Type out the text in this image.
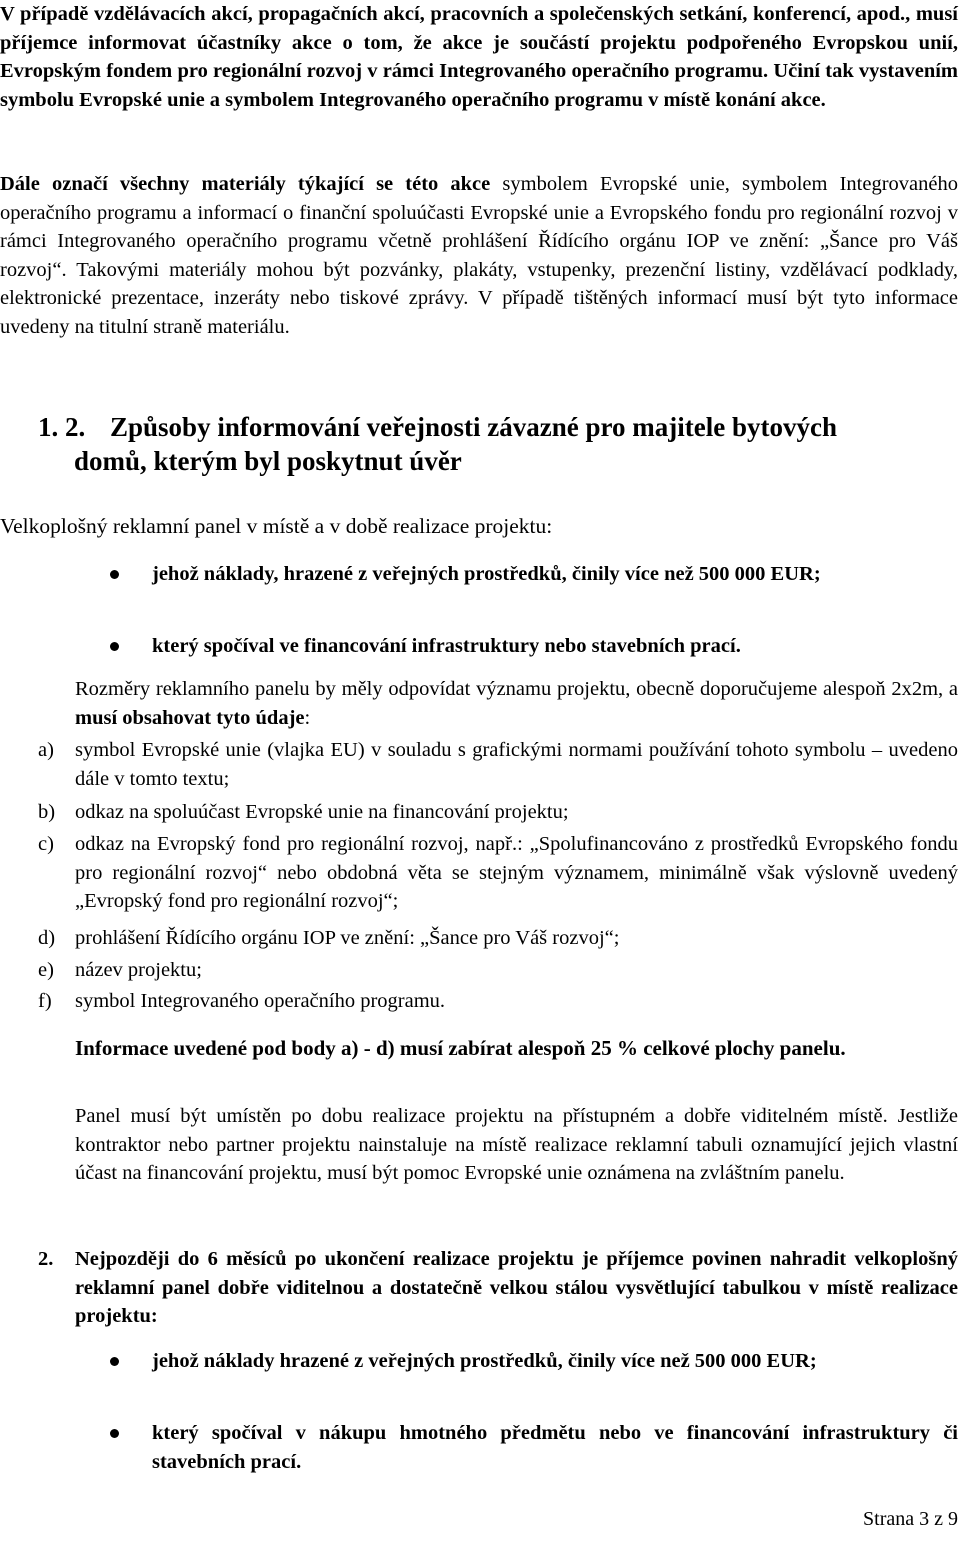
V případě vzdělávacích akcí, propagačních akcí, pracovních a společenských setkání, konferencí, apod., musí příjemce informovat účastníky akce o tom, že akce je součástí projektu podpořeného Evropskou unií, Evropským fondem pro regionální rozvoj v rámci Integrovaného operačního programu. Učiní tak vystavením symbolu Evropské unie a symbolem Integrovaného operačního programu v místě konání akce.

Dále označí všechny materiály týkající se této akce symbolem Evropské unie, symbolem Integrovaného operačního programu a informací o finanční spoluúčasti Evropské unie a Evropského fondu pro regionální rozvoj v rámci Integrovaného operačního programu včetně prohlášení Řídícího orgánu IOP ve znění: „Šance pro Váš rozvoj“. Takovými materiály mohou být pozvánky, plakáty, vstupenky, prezenční listiny, vzdělávací podklady, elektronické prezentace, inzeráty nebo tiskové zprávy. V případě tištěných informací musí být tyto informace uvedeny na titulní straně materiálu.

1. 2. Způsoby informování veřejnosti závazné pro majitele bytových
domů, kterým byl poskytnut úvěr

Velkoplošný reklamní panel v místě a v době realizace projektu:

jehož náklady, hrazené z veřejných prostředků, činily více než 500 000 EUR;

který spočíval ve financování infrastruktury nebo stavebních prací.

Rozměry reklamního panelu by měly odpovídat významu projektu, obecně doporučujeme alespoň 2x2m, a musí obsahovat tyto údaje:

a) symbol Evropské unie (vlajka EU) v souladu s grafickými normami používání tohoto symbolu – uvedeno dále v tomto textu;
b) odkaz na spoluúčast Evropské unie na financování projektu;
c) odkaz na Evropský fond pro regionální rozvoj, např.: „Spolufinancováno z prostředků Evropského fondu pro regionální rozvoj“ nebo obdobná věta se stejným významem, minimálně však výslovně uvedený „Evropský fond pro regionální rozvoj“;
d) prohlášení Řídícího orgánu IOP ve znění: „Šance pro Váš rozvoj“;
e) název projektu;
f) symbol Integrovaného operačního programu.

Informace uvedené pod body a) - d) musí zabírat alespoň 25 % celkové plochy panelu.

Panel musí být umístěn po dobu realizace projektu na přístupném a dobře viditelném místě. Jestliže kontraktor nebo partner projektu nainstaluje na místě realizace reklamní tabuli oznamující jejich vlastní účast na financování projektu, musí být pomoc Evropské unie oznámena na zvláštním panelu.

2. Nejpozději do 6 měsíců po ukončení realizace projektu je příjemce povinen nahradit velkoplošný reklamní panel dobře viditelnou a dostatečně velkou stálou vysvětlující tabulkou v místě realizace projektu:

jehož náklady hrazené z veřejných prostředků, činily více než 500 000 EUR;

který spočíval v nákupu hmotného předmětu nebo ve financování infrastruktury či stavebních prací.

Strana 3 z 9
